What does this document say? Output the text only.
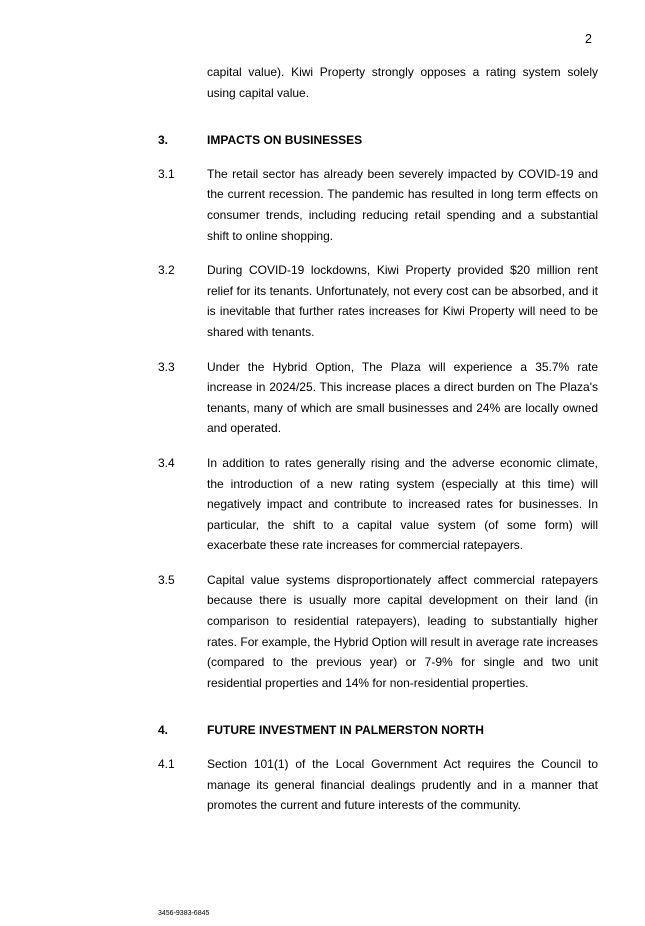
2
capital value). Kiwi Property strongly opposes a rating system solely using capital value.
3.	IMPACTS ON BUSINESSES
3.1	The retail sector has already been severely impacted by COVID-19 and the current recession. The pandemic has resulted in long term effects on consumer trends, including reducing retail spending and a substantial shift to online shopping.
3.2	During COVID-19 lockdowns, Kiwi Property provided $20 million rent relief for its tenants. Unfortunately, not every cost can be absorbed, and it is inevitable that further rates increases for Kiwi Property will need to be shared with tenants.
3.3	Under the Hybrid Option, The Plaza will experience a 35.7% rate increase in 2024/25. This increase places a direct burden on The Plaza's tenants, many of which are small businesses and 24% are locally owned and operated.
3.4	In addition to rates generally rising and the adverse economic climate, the introduction of a new rating system (especially at this time) will negatively impact and contribute to increased rates for businesses. In particular, the shift to a capital value system (of some form) will exacerbate these rate increases for commercial ratepayers.
3.5	Capital value systems disproportionately affect commercial ratepayers because there is usually more capital development on their land (in comparison to residential ratepayers), leading to substantially higher rates. For example, the Hybrid Option will result in average rate increases (compared to the previous year) or 7-9% for single and two unit residential properties and 14% for non-residential properties.
4.	FUTURE INVESTMENT IN PALMERSTON NORTH
4.1	Section 101(1) of the Local Government Act requires the Council to manage its general financial dealings prudently and in a manner that promotes the current and future interests of the community.
3456-9383-6845
